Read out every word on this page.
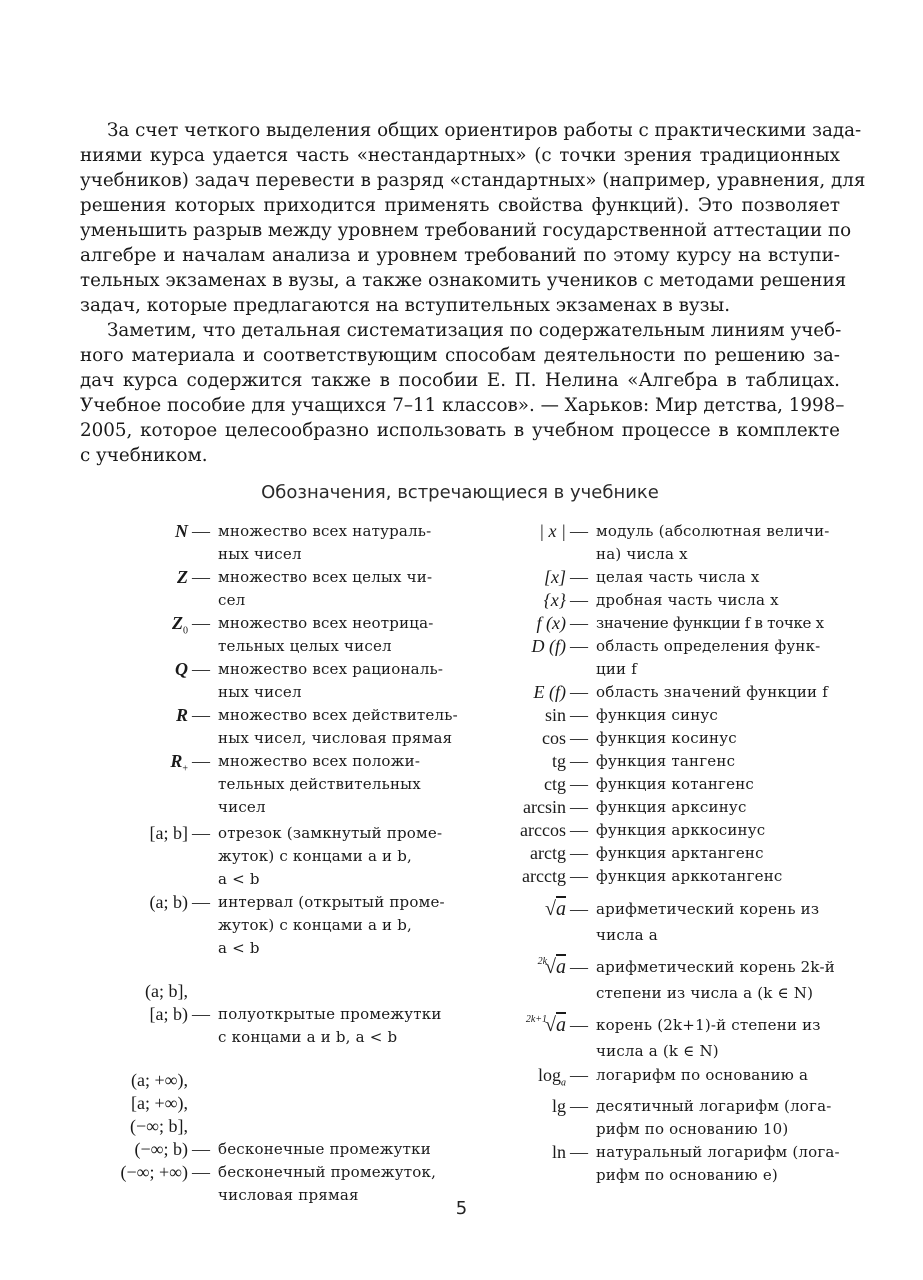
За счет четкого выделения общих ориентиров работы с практическими зада-
ниями курса удается часть «нестандартных» (с точки зрения традиционных
учебников) задач перевести в разряд «стандартных» (например, уравнения, для
решения которых приходится применять свойства функций). Это позволяет
уменьшить разрыв между уровнем требований государственной аттестации по
алгебре и началам анализа и уровнем требований по этому курсу на вступи-
тельных экзаменах в вузы, а также ознакомить учеников с методами решения
задач, которые предлагаются на вступительных экзаменах в вузы.
Заметим, что детальная систематизация по содержательным линиям учеб-
ного материала и соответствующим способам деятельности по решению за-
дач курса содержится также в пособии Е. П. Нелина «Алгебра в таблицах.
Учебное пособие для учащихся 7–11 классов». — Харьков: Мир детства, 1998–
2005, которое целесообразно использовать в учебном процессе в комплекте
с учебником.
Обозначения, встречающиеся в учебнике
N — множество всех натураль-
ных чисел
Z — множество всех целых чи-
сел
$Z_0$ — множество всех неотрица-
тельных целых чисел
Q — множество всех рациональ-
ных чисел
R — множество всех действитель-
ных чисел, числовая прямая
$R_+$ — множество всех положи-
тельных действительных
чисел
[a; b] — отрезок (замкнутый проме-
жуток) с концами a и b,
a < b
(a; b) — интервал (открытый проме-
жуток) с концами a и b,
a < b
(a; b],
[a; b) — полуоткрытые промежутки
с концами a и b, a < b
(a; +∞),
[a; +∞),
(−∞; b],
(−∞; b) — бесконечные промежутки
(−∞; +∞) — бесконечный промежуток,
числовая прямая
| x | — модуль (абсолютная величи-
на) числа x
[x] — целая часть числа x
{x} — дробная часть числа x
f (x) — значение функции f в точке x
D (f) — область определения функ-
ции f
E (f) — область значений функции f
sin — функция синус
cos — функция косинус
tg — функция тангенс
ctg — функция котангенс
arcsin — функция арксинус
arccos — функция арккосинус
arctg — функция арктангенс
arcctg — функция арккотангенс
√a — арифметический корень из
числа a
$^{2k}$√a — арифметический корень 2k-й
степени из числа a (k ∈ N)
$^{2k+1}$√a — корень (2k+1)-й степени из
числа a (k ∈ N)
$\log_a$ — логарифм по основанию a
lg — десятичный логарифм (лога-
рифм по основанию 10)
ln — натуральный логарифм (лога-
рифм по основанию e)
5
